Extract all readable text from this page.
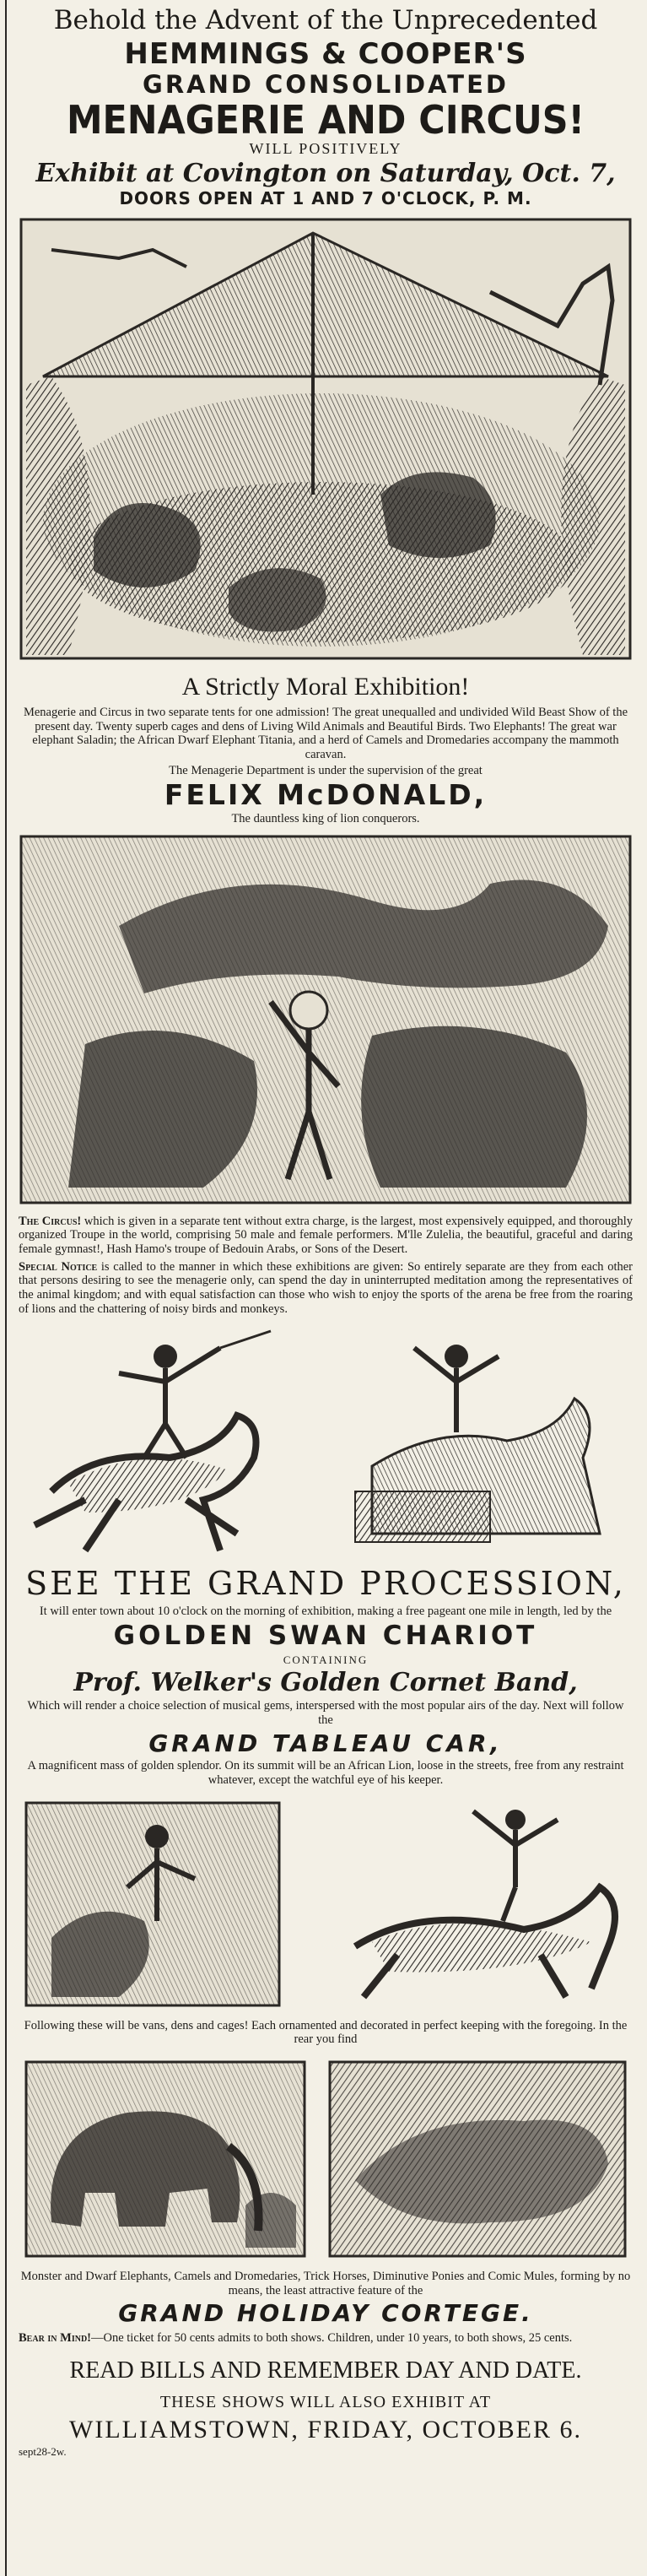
Behold the Advent of the Unprecedented

HEMMINGS & COOPER'S

GRAND CONSOLIDATED

MENAGERIE AND CIRCUS!

WILL POSITIVELY

Exhibit at Covington on Saturday, Oct. 7,

DOORS OPEN AT 1 AND 7 O'CLOCK, P. M.

A Strictly Moral Exhibition!

Menagerie and Circus in two separate tents for one admission! The great unequalled and undivided Wild Beast Show of the present day. Twenty superb cages and dens of Living Wild Animals and Beautiful Birds. Two Elephants! The great war elephant Saladin; the African Dwarf Elephant Titania, and a herd of Camels and Dromedaries accompany the mammoth caravan.

The Menagerie Department is under the supervision of the great

FELIX McDONALD,

The dauntless king of lion conquerors.

The Circus! which is given in a separate tent without extra charge, is the largest, most expensively equipped, and thoroughly organized Troupe in the world, comprising 50 male and female performers. M'lle Zulelia, the beautiful, graceful and daring female gymnast!, Hash Hamo's troupe of Bedouin Arabs, or Sons of the Desert.

Special Notice is called to the manner in which these exhibitions are given: So entirely separate are they from each other that persons desiring to see the menagerie only, can spend the day in uninterrupted meditation among the representatives of the animal kingdom; and with equal satisfaction can those who wish to enjoy the sports of the arena be free from the roaring of lions and the chattering of noisy birds and monkeys.

SEE THE GRAND PROCESSION,

It will enter town about 10 o'clock on the morning of exhibition, making a free pageant one mile in length, led by the

GOLDEN SWAN CHARIOT

CONTAINING

Prof. Welker's Golden Cornet Band,

Which will render a choice selection of musical gems, interspersed with the most popular airs of the day. Next will follow the

GRAND TABLEAU CAR,

A magnificent mass of golden splendor. On its summit will be an African Lion, loose in the streets, free from any restraint whatever, except the watchful eye of his keeper.

Following these will be vans, dens and cages! Each ornamented and decorated in perfect keeping with the foregoing. In the rear you find

Monster and Dwarf Elephants, Camels and Dromedaries, Trick Horses, Diminutive Ponies and Comic Mules, forming by no means, the least attractive feature of the

GRAND HOLIDAY CORTEGE.

Bear in Mind!—One ticket for 50 cents admits to both shows. Children, under 10 years, to both shows, 25 cents.

READ BILLS AND REMEMBER DAY AND DATE.

THESE SHOWS WILL ALSO EXHIBIT AT

WILLIAMSTOWN, FRIDAY, OCTOBER 6.

sept28-2w.
